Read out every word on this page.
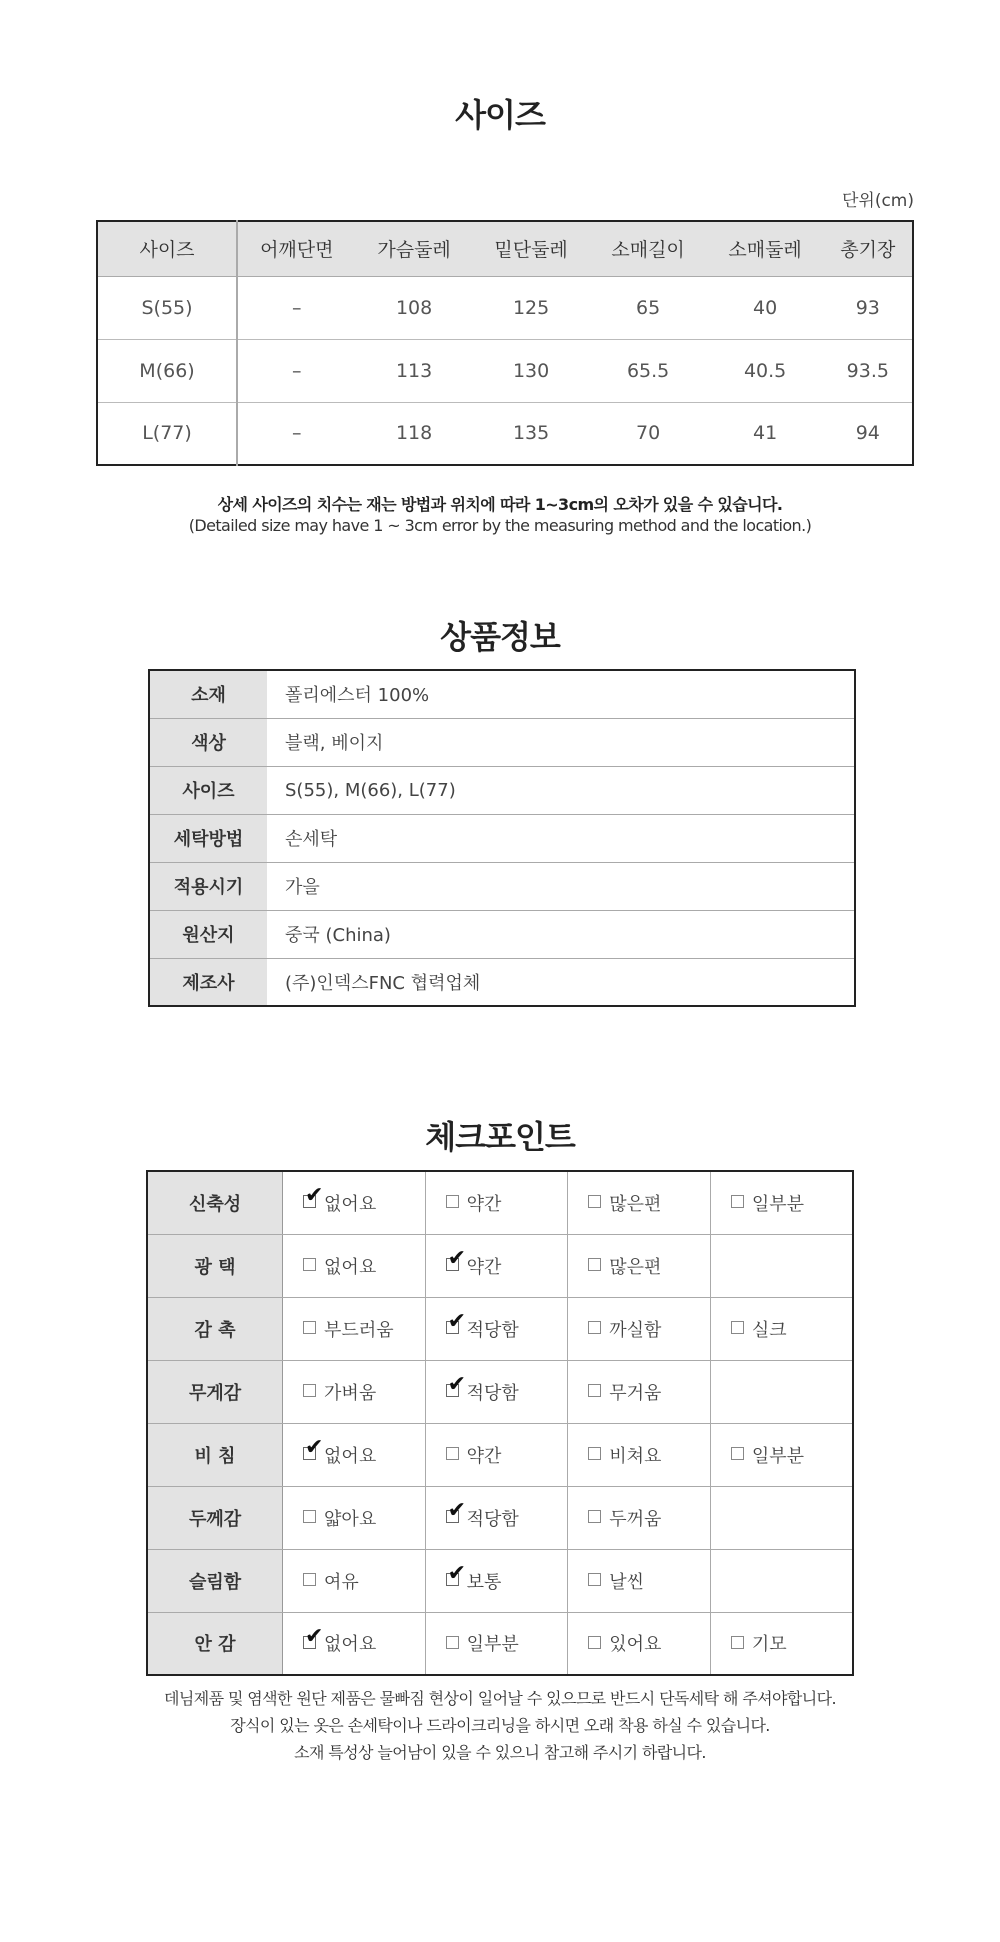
사이즈
단위(cm)
사이즈	어깨단면	가슴둘레	밑단둘레	소매길이	소매둘레	총기장
S(55)	–	108	125	65	40	93
M(66)	–	113	130	65.5	40.5	93.5
L(77)	–	118	135	70	41	94
상세 사이즈의 치수는 재는 방법과 위치에 따라 1~3cm의 오차가 있을 수 있습니다.
(Detailed size may have 1 ~ 3cm error by the measuring method and the location.)
상품정보
소재	폴리에스터 100%
색상	블랙, 베이지
사이즈	S(55), M(66), L(77)
세탁방법	손세탁
적용시기	가을
원산지	중국 (China)
제조사	(주)인덱스FNC 협력업체
체크포인트
신축성	✔ 없어요	약간	많은편	일부분
광 택	없어요	✔ 약간	많은편	
감 촉	부드러움	✔ 적당함	까실함	실크
무게감	가벼움	✔ 적당함	무거움	
비 침	✔ 없어요	약간	비쳐요	일부분
두께감	얇아요	✔ 적당함	두꺼움	
슬림함	여유	✔ 보통	날씬	
안 감	✔ 없어요	일부분	있어요	기모
데님제품 및 염색한 원단 제품은 물빠짐 현상이 일어날 수 있으므로 반드시 단독세탁 해 주셔야합니다.
장식이 있는 옷은 손세탁이나 드라이크리닝을 하시면 오래 착용 하실 수 있습니다.
소재 특성상 늘어남이 있을 수 있으니 참고해 주시기 하랍니다.
